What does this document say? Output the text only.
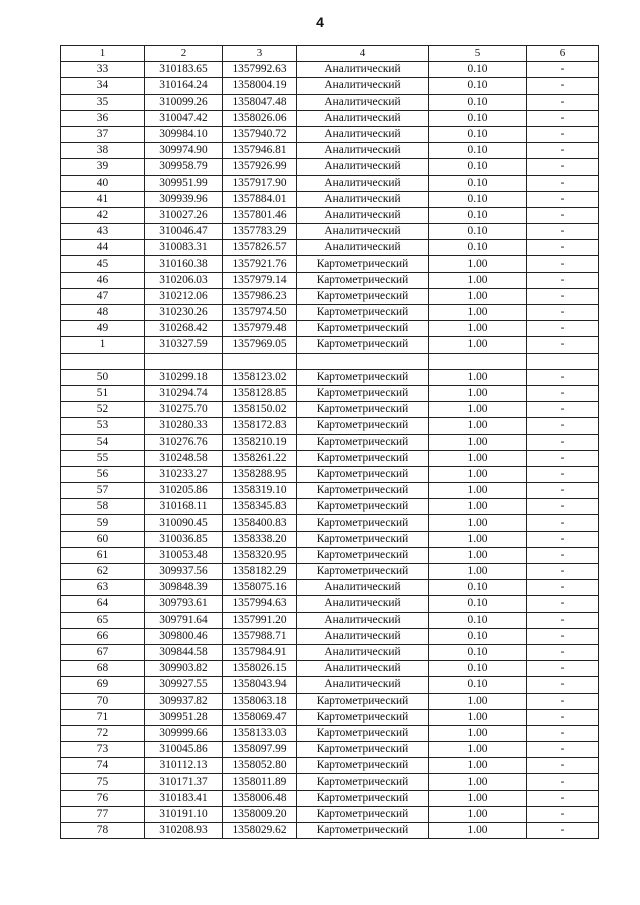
4
1	2	3	4	5	6
33	310183.65	1357992.63	Аналитический	0.10	-
34	310164.24	1358004.19	Аналитический	0.10	-
35	310099.26	1358047.48	Аналитический	0.10	-
36	310047.42	1358026.06	Аналитический	0.10	-
37	309984.10	1357940.72	Аналитический	0.10	-
38	309974.90	1357946.81	Аналитический	0.10	-
39	309958.79	1357926.99	Аналитический	0.10	-
40	309951.99	1357917.90	Аналитический	0.10	-
41	309939.96	1357884.01	Аналитический	0.10	-
42	310027.26	1357801.46	Аналитический	0.10	-
43	310046.47	1357783.29	Аналитический	0.10	-
44	310083.31	1357826.57	Аналитический	0.10	-
45	310160.38	1357921.76	Картометрический	1.00	-
46	310206.03	1357979.14	Картометрический	1.00	-
47	310212.06	1357986.23	Картометрический	1.00	-
48	310230.26	1357974.50	Картометрический	1.00	-
49	310268.42	1357979.48	Картометрический	1.00	-
1	310327.59	1357969.05	Картометрический	1.00	-

50	310299.18	1358123.02	Картометрический	1.00	-
51	310294.74	1358128.85	Картометрический	1.00	-
52	310275.70	1358150.02	Картометрический	1.00	-
53	310280.33	1358172.83	Картометрический	1.00	-
54	310276.76	1358210.19	Картометрический	1.00	-
55	310248.58	1358261.22	Картометрический	1.00	-
56	310233.27	1358288.95	Картометрический	1.00	-
57	310205.86	1358319.10	Картометрический	1.00	-
58	310168.11	1358345.83	Картометрический	1.00	-
59	310090.45	1358400.83	Картометрический	1.00	-
60	310036.85	1358338.20	Картометрический	1.00	-
61	310053.48	1358320.95	Картометрический	1.00	-
62	309937.56	1358182.29	Картометрический	1.00	-
63	309848.39	1358075.16	Аналитический	0.10	-
64	309793.61	1357994.63	Аналитический	0.10	-
65	309791.64	1357991.20	Аналитический	0.10	-
66	309800.46	1357988.71	Аналитический	0.10	-
67	309844.58	1357984.91	Аналитический	0.10	-
68	309903.82	1358026.15	Аналитический	0.10	-
69	309927.55	1358043.94	Аналитический	0.10	-
70	309937.82	1358063.18	Картометрический	1.00	-
71	309951.28	1358069.47	Картометрический	1.00	-
72	309999.66	1358133.03	Картометрический	1.00	-
73	310045.86	1358097.99	Картометрический	1.00	-
74	310112.13	1358052.80	Картометрический	1.00	-
75	310171.37	1358011.89	Картометрический	1.00	-
76	310183.41	1358006.48	Картометрический	1.00	-
77	310191.10	1358009.20	Картометрический	1.00	-
78	310208.93	1358029.62	Картометрический	1.00	-
